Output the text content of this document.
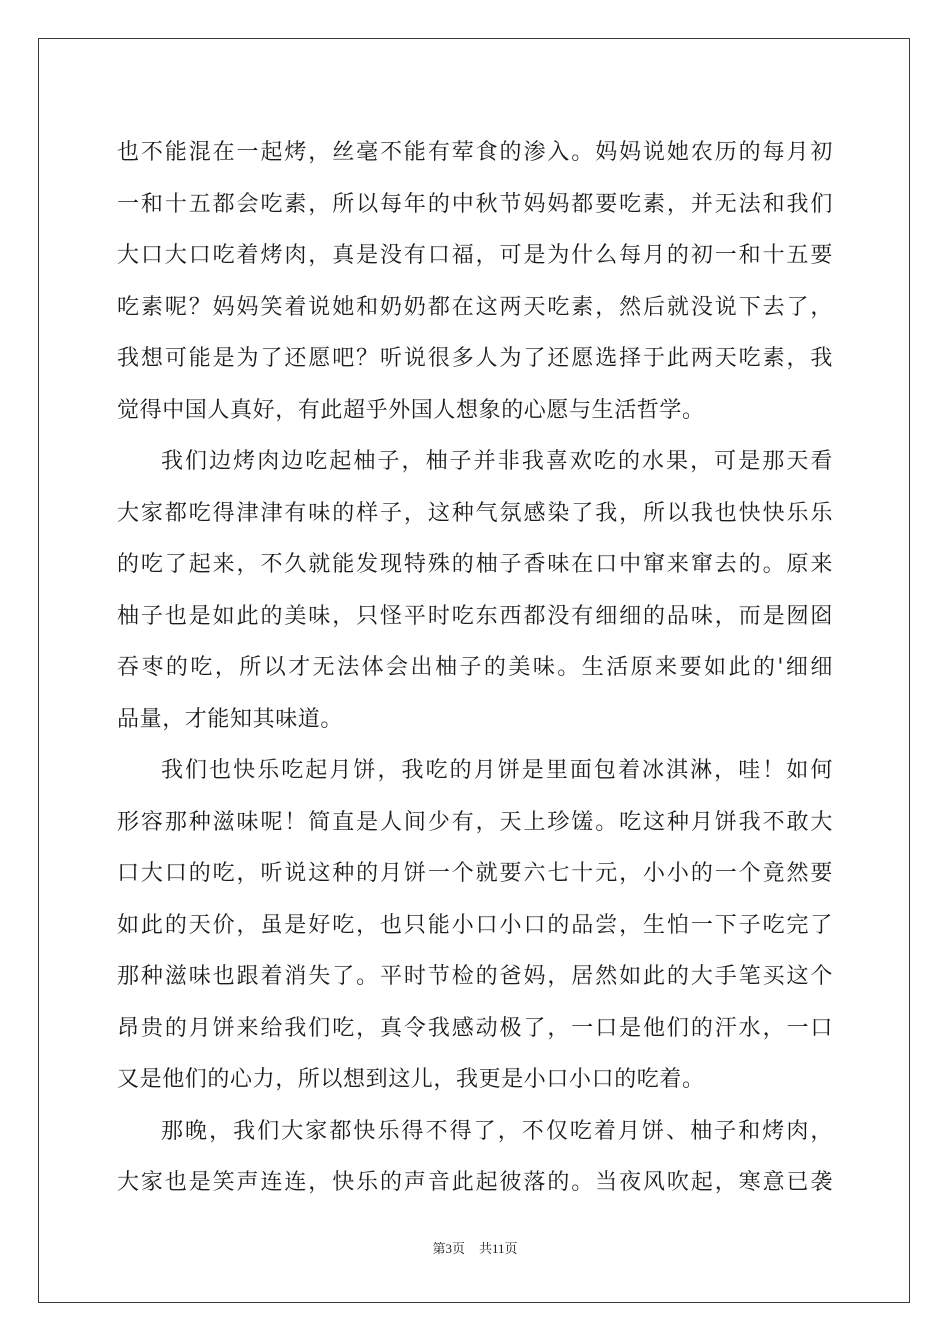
也不能混在一起烤，丝毫不能有荤食的渗入。妈妈说她农历的每月初
一和十五都会吃素，所以每年的中秋节妈妈都要吃素，并无法和我们
大口大口吃着烤肉，真是没有口福，可是为什么每月的初一和十五要
吃素呢？妈妈笑着说她和奶奶都在这两天吃素，然后就没说下去了，
我想可能是为了还愿吧？听说很多人为了还愿选择于此两天吃素，我
觉得中国人真好，有此超乎外国人想象的心愿与生活哲学。
我们边烤肉边吃起柚子，柚子并非我喜欢吃的水果，可是那天看
大家都吃得津津有味的样子，这种气氛感染了我，所以我也快快乐乐
的吃了起来，不久就能发现特殊的柚子香味在口中窜来窜去的。原来
柚子也是如此的美味，只怪平时吃东西都没有细细的品味，而是囫囵
吞枣的吃，所以才无法体会出柚子的美味。生活原来要如此的'细细
品量，才能知其味道。
我们也快乐吃起月饼，我吃的月饼是里面包着冰淇淋，哇！如何
形容那种滋味呢！简直是人间少有，天上珍馐。吃这种月饼我不敢大
口大口的吃，听说这种的月饼一个就要六七十元，小小的一个竟然要
如此的天价，虽是好吃，也只能小口小口的品尝，生怕一下子吃完了
那种滋味也跟着消失了。平时节检的爸妈，居然如此的大手笔买这个
昂贵的月饼来给我们吃，真令我感动极了，一口是他们的汗水，一口
又是他们的心力，所以想到这儿，我更是小口小口的吃着。
那晚，我们大家都快乐得不得了，不仅吃着月饼、柚子和烤肉，
大家也是笑声连连，快乐的声音此起彼落的。当夜风吹起，寒意已袭
第3页 共11页
